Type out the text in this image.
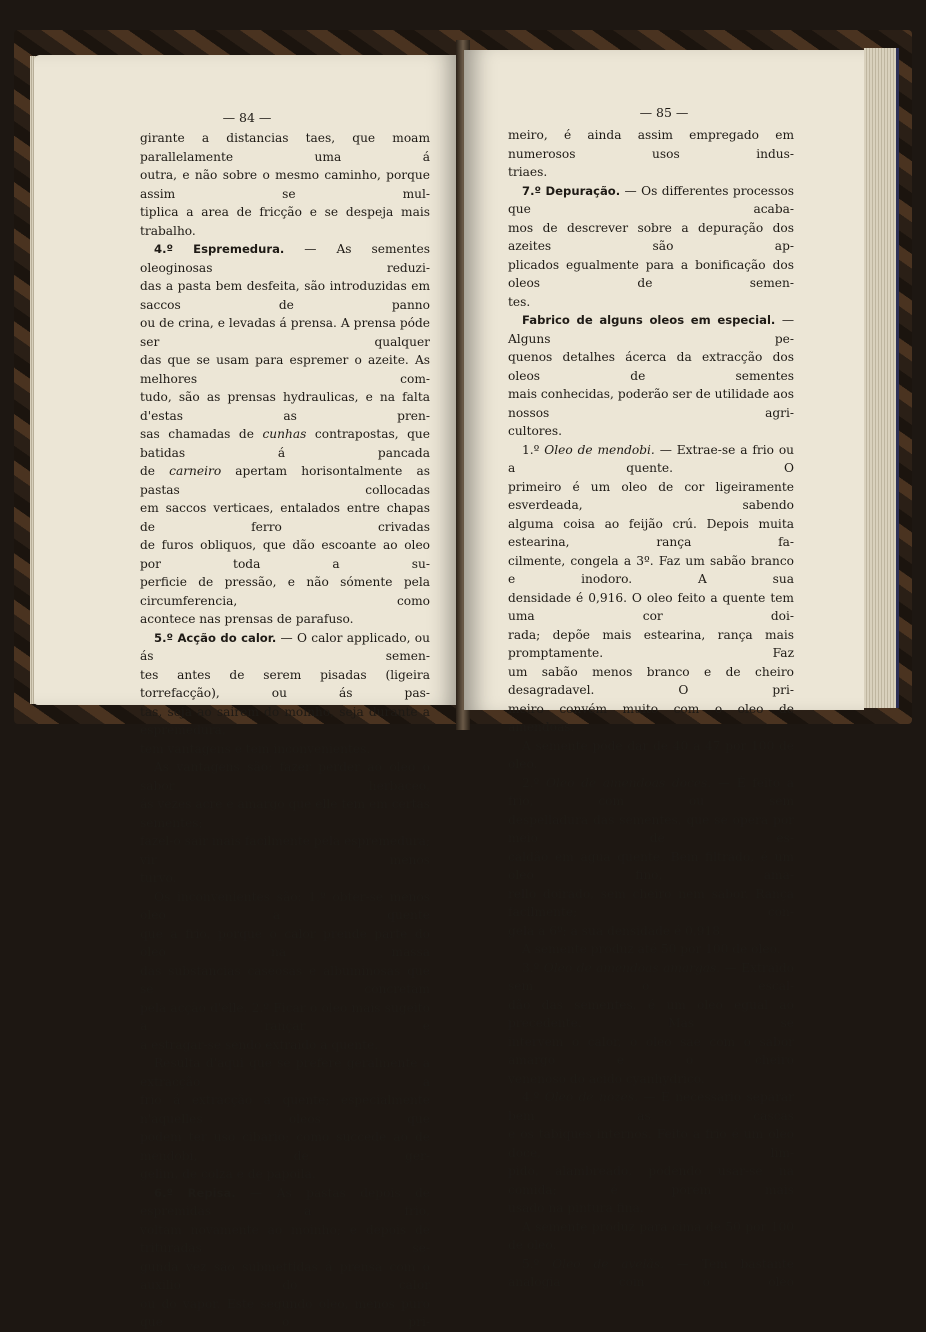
— 84 —

girante a distancias taes, que moam parallelamente uma á

outra, e não sobre o mesmo caminho, porque assim se mul-

tiplica a area de fricção e se despeja mais trabalho.

4.º Espremedura. — As sementes oleoginosas reduzi-

das a pasta bem desfeita, são introduzidas em saccos de panno

ou de crina, e levadas á prensa. A prensa póde ser qualquer

das que se usam para espremer o azeite. As melhores com-

tudo, são as prensas hydraulicas, e na falta d'estas as pren-

sas chamadas de cunhas contrapostas, que batidas á pancada

de carneiro apertam horisontalmente as pastas collocadas

em saccos verticaes, entalados entre chapas de ferro crivadas

de furos obliquos, que dão escoante ao oleo por toda a su-

perficie de pressão, e não sómente pela circumferencia, como

acontece nas prensas de parafuso.

5.º Acção do calor. — O calor applicado, ou ás semen-

tes antes de serem pisadas (ligeira torrefacção), ou ás pas-

tas, seja ao sairem do moinho, seja durante a espremedura,

tem vantagens e tem inconvenientes.

As vantagens são: fazer perder ao oleo o sabor herbaceo,

ás vezes acre e amargo que elle tem em certas sementes;

fazel-o sair mais facilmente pela espremedura; vir menos

turvo.

Os inconvenientes são: 1.º obter-se menos oleo a quente

que a frio, porque o calor prende parte do oleo na massa

das substancias caseosas e albuminosas que se concretam

pela acção d'elle. 2.º Ficar o oleo mais sugeito a rançar e

a estragar-se sendo extraido a quente.

Resulta d'aqui que se prefere geralmente a extracção a

frio á extracção a quente; especialmente n'aquelles oleos que

podem ter uso cibario; como succede ao de mendobi, de ger-

gelim, de colza e de papoila.

6.º Repisa. — As pastas depois de espremidas a frio,

voltam novamente ao moinho; e depois de trituradas se-

gunda vez são submettidas á prensa com o auxilio do calor

ou do vapor. Este segundo oleo, menos puro que o pri-

— 85 —

meiro, é ainda assim empregado em numerosos usos indus-

triaes.

7.º Depuração. — Os differentes processos que acaba-

mos de descrever sobre a depuração dos azeites são ap-

plicados egualmente para a bonificação dos oleos de semen-

tes.

Fabrico de alguns oleos em especial. — Alguns pe-

quenos detalhes ácerca da extracção dos oleos de sementes

mais conhecidas, poderão ser de utilidade aos nossos agri-

cultores.

1.º Oleo de mendobi. — Extrae-se a frio ou a quente. O

primeiro é um oleo de cor ligeiramente esverdeada, sabendo

alguma coisa ao feijão crú. Depois muita estearina, rança fa-

cilmente, congela a 3º. Faz um sabão branco e inodoro. A sua

densidade é 0,916. O oleo feito a quente tem uma cor doi-

rada; depõe mais estearina, rança mais promptamente. Faz

um sabão menos branco e de cheiro desagradavel. O pri-

meiro convém muito com o oleo de amendoas.

A semente póde dar de 40 a 47 por 100 de oleo.

2.º Oleo de amendoas doces. — É feito a frio, com ou sem

despelladura das sementes, que se opera por meio de es-

caldão em agua quente. Bem filtrado, é um oleo fino, ama-

rello doirado, sem cheiro nem sabor. Rança facilmente; con-

gela a 6º; a sua densidade é 0,918.

A semente produz até 50 por 100 de oleo.

3.º Oleo de amendoas amargas. — Extraido sem o escal-

dão das sementes, é um oleo egual ao precedente. Mas se

intervem o calor, o oleo sae com o sabor amargo e o cheiro

venenoso do acido cyanhydrico.

4.º Oleo de nozes. — É necessario separar bem as cascas

e os tabiques internos. Feito a frio é um oleo doce, lim-

pido, alambreado, podendo usar-se na comida; é porém mais

usado na pintura fina.

A semente produz para cima de 50 por 100 de oleo.

5.º Oleo de avelãs. — Tem bastante analogia com o oleo
